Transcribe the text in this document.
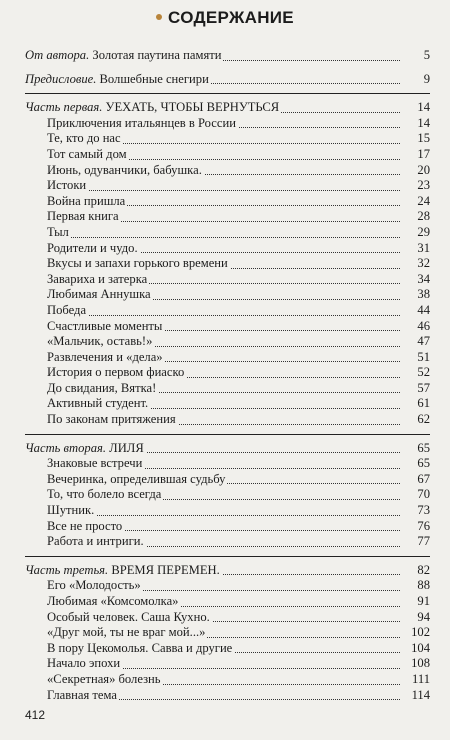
СОДЕРЖАНИЕ
От автора. Золотая паутина памяти	5
Предисловие. Волшебные снегири	9
Часть первая. УЕХАТЬ, ЧТОБЫ ВЕРНУТЬСЯ	14
Приключения итальянцев в России	14
Те, кто до нас	15
Тот самый дом	17
Июнь, одуванчики, бабушка.	20
Истоки	23
Война пришла	24
Первая книга	28
Тыл	29
Родители и чудо.	31
Вкусы и запахи горького времени	32
Завариха и затерка	34
Любимая Аннушка	38
Победа	44
Счастливые моменты	46
«Мальчик, оставь!»	47
Развлечения и «дела»	51
История о первом фиаско	52
До свидания, Вятка!	57
Активный студент.	61
По законам притяжения	62
Часть вторая. ЛИЛЯ	65
Знаковые встречи	65
Вечеринка, определившая судьбу	67
То, что болело всегда	70
Шутник.	73
Все не просто	76
Работа и интриги.	77
Часть третья. ВРЕМЯ ПЕРЕМЕН.	82
Его «Молодость»	88
Любимая «Комсомолка»	91
Особый человек. Саша Кухно.	94
«Друг мой, ты не враг мой...»	102
В пору Цекомолья. Савва и другие	104
Начало эпохи	108
«Секретная» болезнь	111
Главная тема	114
412
